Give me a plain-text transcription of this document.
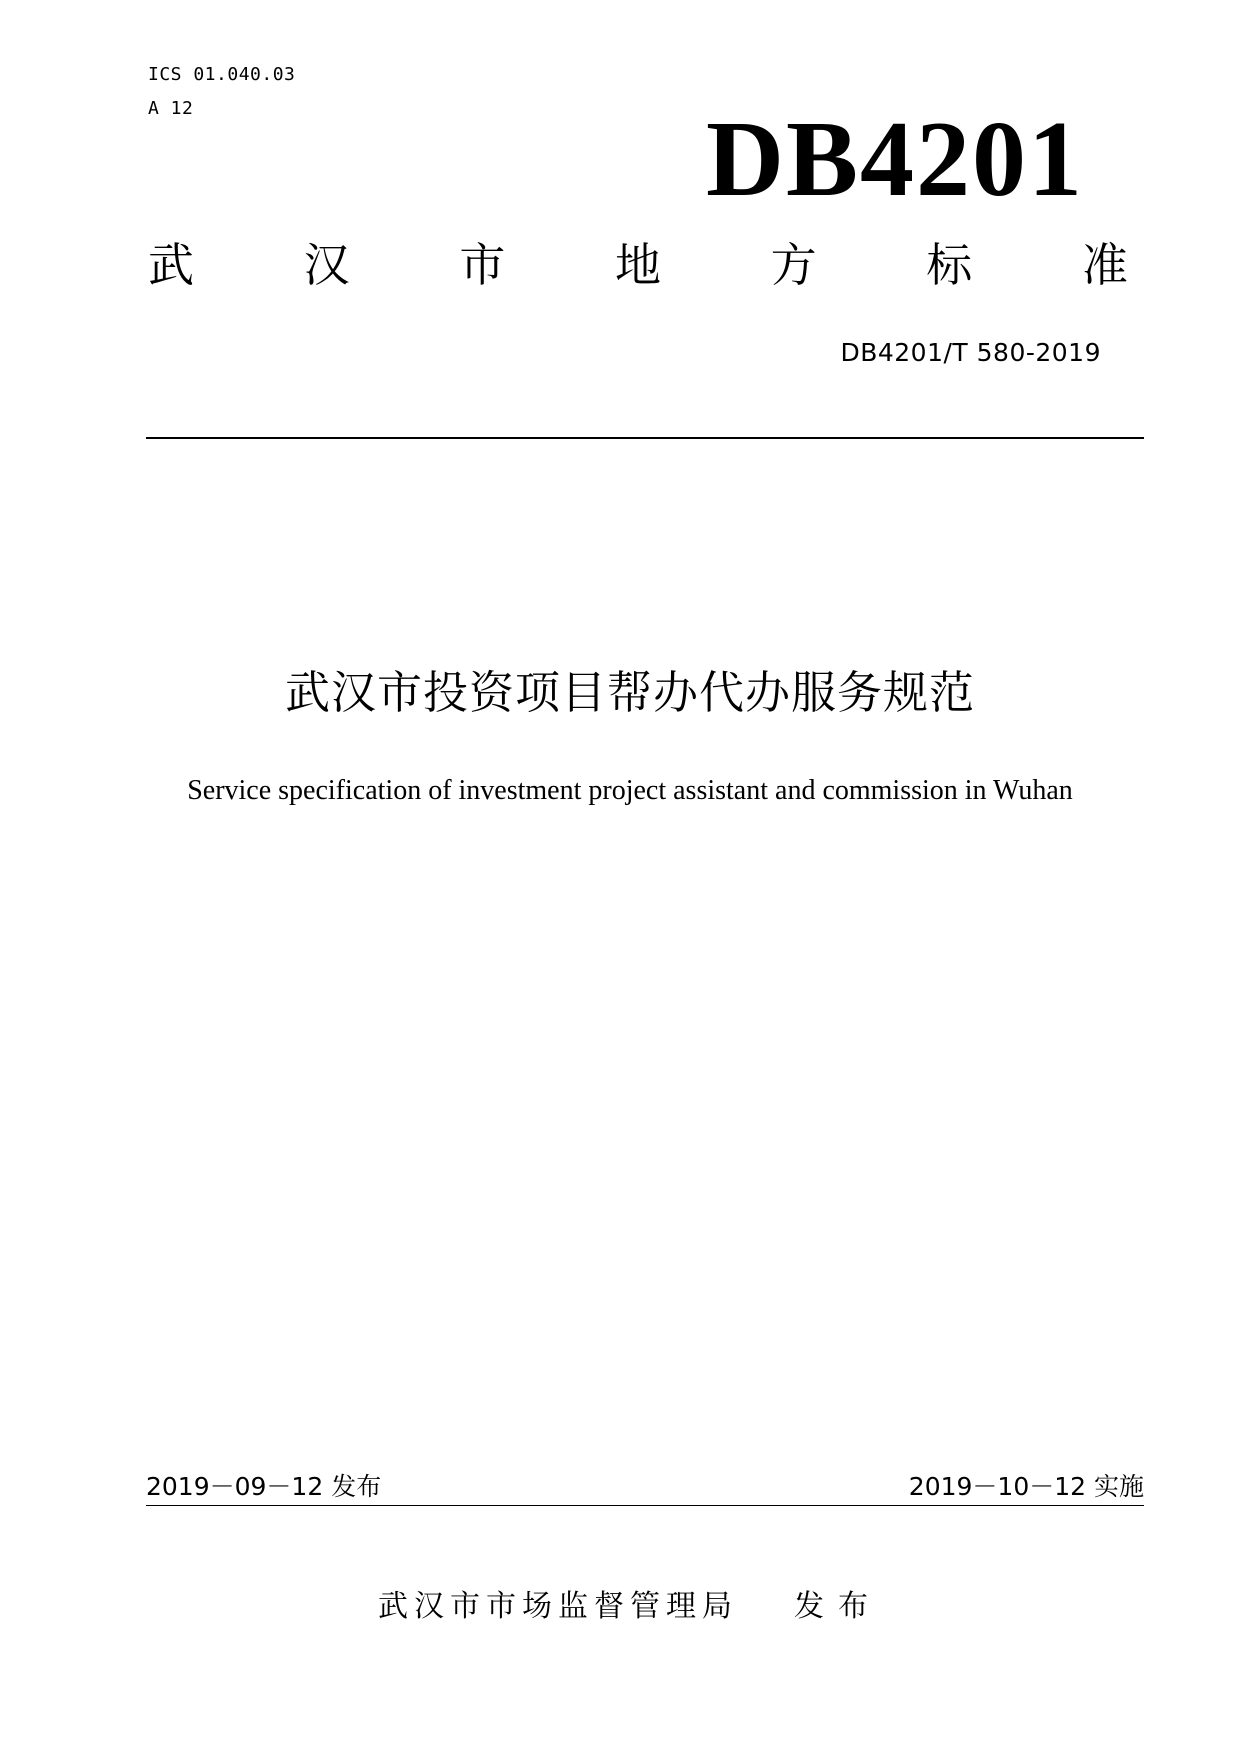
ICS 01.040.03
A 12	DB4201
武 汉 市 地 方 标 准
DB4201/T 580-2019
武汉市投资项目帮办代办服务规范
Service specification of investment project assistant and commission in Wuhan
2019－09－12 发布	2019－10－12 实施
武汉市市场监督管理局 发布
